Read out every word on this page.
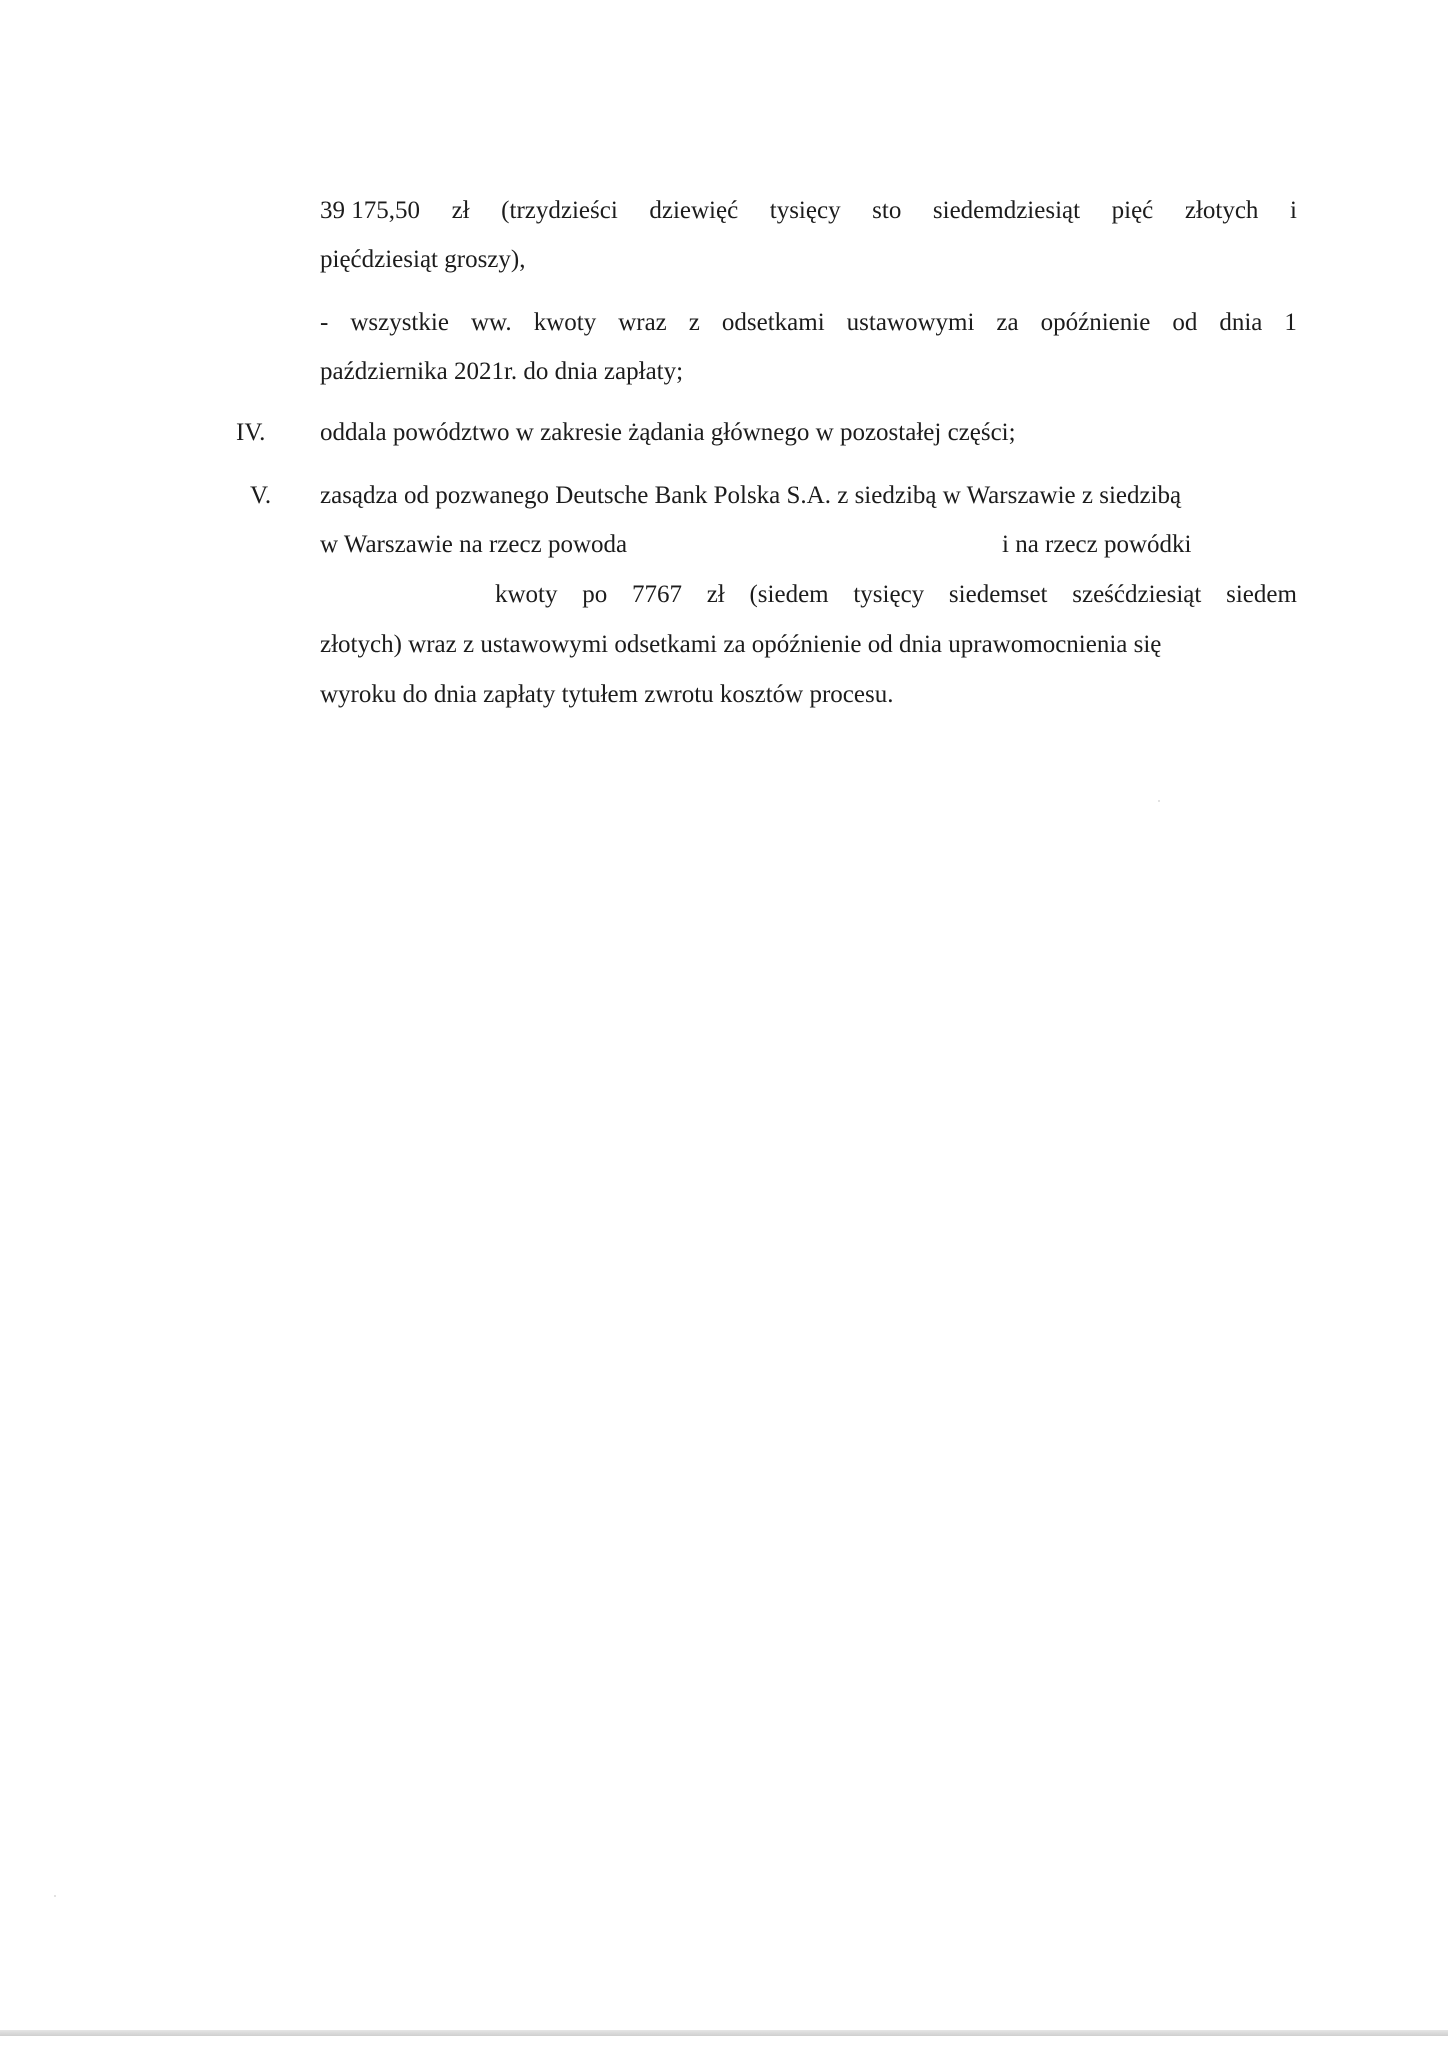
39 175,50 zł (trzydzieści dziewięć tysięcy sto siedemdziesiąt pięć złotych i
pięćdziesiąt groszy),
- wszystkie ww. kwoty wraz z odsetkami ustawowymi za opóźnienie od dnia 1
października 2021r. do dnia zapłaty;
IV. oddala powództwo w zakresie żądania głównego w pozostałej części;
V. zasądza od pozwanego Deutsche Bank Polska S.A. z siedzibą w Warszawie z siedzibą
w Warszawie na rzecz powoda	i na rzecz powódki
kwoty po 7767 zł (siedem tysięcy siedemset sześćdziesiąt siedem
złotych) wraz z ustawowymi odsetkami za opóźnienie od dnia uprawomocnienia się
wyroku do dnia zapłaty tytułem zwrotu kosztów procesu.
